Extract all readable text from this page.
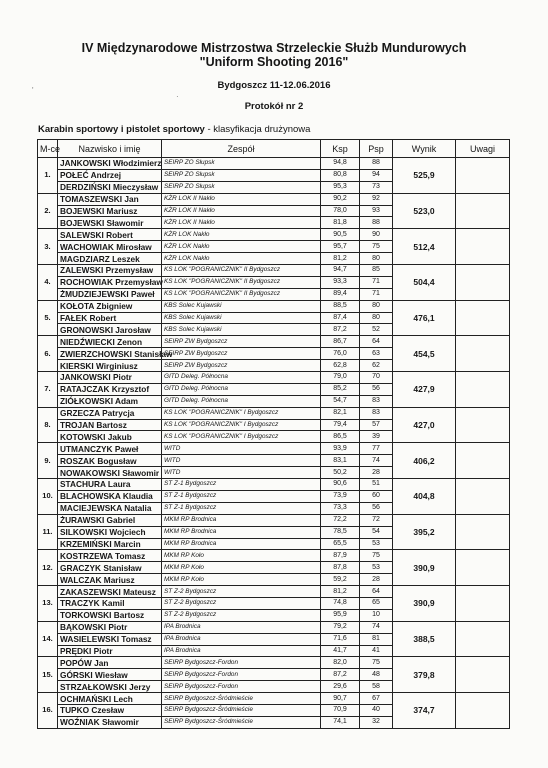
IV Międzynarodowe Mistrzostwa Strzeleckie Służb Mundurowych
"Uniform Shooting 2016"
Bydgoszcz 11-12.06.2016
Protokół nr 2
Karabin sportowy i pistolet sportowy - klasyfikacja drużynowa
'
·
M-ce	Nazwisko i imię	Zespół	Ksp	Psp	Wynik	Uwagi
1.	JANKOWSKI Włodzimierz	SEIRP ZO Słupsk	94,8	88	525,9	
	POŁEĆ Andrzej	SEIRP ZO Słupsk	80,8	94		
	DERDZIŃSKI Mieczysław	SEIRP ZO Słupsk	95,3	73		
2.	TOMASZEWSKI Jan	KŻR LOK II Nakło	90,2	92	523,0	
	BOJEWSKI Mariusz	KŻR LOK II Nakło	78,0	93		
	BOJEWSKI Sławomir	KŻR LOK II Nakło	81,8	88		
3.	SALEWSKI Robert	KŻR LOK Nakło	90,5	90	512,4	
	WACHOWIAK Mirosław	KŻR LOK Nakło	95,7	75		
	MAGDZIARZ Leszek	KŻR LOK Nakło	81,2	80		
4.	ZALEWSKI Przemysław	KS LOK "POGRANICZNIK" II Bydgoszcz	94,7	85	504,4	
	ROCHOWIAK Przemysław	KS LOK "POGRANICZNIK" II Bydgoszcz	93,3	71		
	ŻMUDZIEJEWSKI Paweł	KS LOK "POGRANICZNIK" II Bydgoszcz	89,4	71		
5.	KOŁOTA Zbigniew	KBS Solec Kujawski	88,5	80	476,1	
	FAŁEK Robert	KBS Solec Kujawski	87,4	80		
	GRONOWSKI Jarosław	KBS Solec Kujawski	87,2	52		
6.	NIEDŹWIECKI Zenon	SEIRP ZW Bydgoszcz	86,7	64	454,5	
	ZWIERZCHOWSKI Stanisław	SEIRP ZW Bydgoszcz	76,0	63		
	KIERSKI Wirginiusz	SEIRP ZW Bydgoszcz	62,8	62		
7.	JANKOWSKI Piotr	GITD Deleg. Północna	79,0	70	427,9	
	RATAJCZAK Krzysztof	GITD Deleg. Północna	85,2	56		
	ZIÓŁKOWSKI Adam	GITD Deleg. Północna	54,7	83		
8.	GRZECZA Patrycja	KS LOK "POGRANICZNIK" I Bydgoszcz	82,1	83	427,0	
	TROJAN Bartosz	KS LOK "POGRANICZNIK" I Bydgoszcz	79,4	57		
	KOTOWSKI Jakub	KS LOK "POGRANICZNIK" I Bydgoszcz	86,5	39		
9.	UTMANCZYK Paweł	WITD	93,9	77	406,2	
	ROSZAK Bogusław	WITD	83,1	74		
	NOWAKOWSKI Sławomir	WITD	50,2	28		
10.	STACHURA Laura	ST Z-1 Bydgoszcz	90,6	51	404,8	
	BLACHOWSKA Klaudia	ST Z-1 Bydgoszcz	73,9	60		
	MACIEJEWSKA Natalia	ST Z-1 Bydgoszcz	73,3	56		
11.	ŻURAWSKI Gabriel	MKM RP Brodnica	72,2	72	395,2	
	SILKOWSKI Wojciech	MKM RP Brodnica	78,5	54		
	KRZEMIŃSKI Marcin	MKM RP Brodnica	65,5	53		
12.	KOSTRZEWA Tomasz	MKM RP Koło	87,9	75	390,9	
	GRACZYK Stanisław	MKM RP Koło	87,8	53		
	WALCZAK Mariusz	MKM RP Koło	59,2	28		
13.	ZAKASZEWSKI Mateusz	ST Z-2 Bydgoszcz	81,2	64	390,9	
	TRACZYK Kamil	ST Z-2 Bydgoszcz	74,8	65		
	TORKOWSKI Bartosz	ST Z-2 Bydgoszcz	95,9	10		
14.	BĄKOWSKI Piotr	IPA Brodnica	79,2	74	388,5	
	WASIELEWSKI Tomasz	IPA Brodnica	71,6	81		
	PRĘDKI Piotr	IPA Brodnica	41,7	41		
15.	POPÓW Jan	SEIRP Bydgoszcz-Fordon	82,0	75	379,8	
	GÓRSKI Wiesław	SEIRP Bydgoszcz-Fordon	87,2	48		
	STRZAŁKOWSKI Jerzy	SEIRP Bydgoszcz-Fordon	29,6	58		
16.	OCHMAŃSKI Lech	SEIRP Bydgoszcz-Śródmieście	90,7	67	374,7	
	TUPKO Czesław	SEIRP Bydgoszcz-Śródmieście	70,9	40		
	WOŹNIAK Sławomir	SEIRP Bydgoszcz-Śródmieście	74,1	32		
